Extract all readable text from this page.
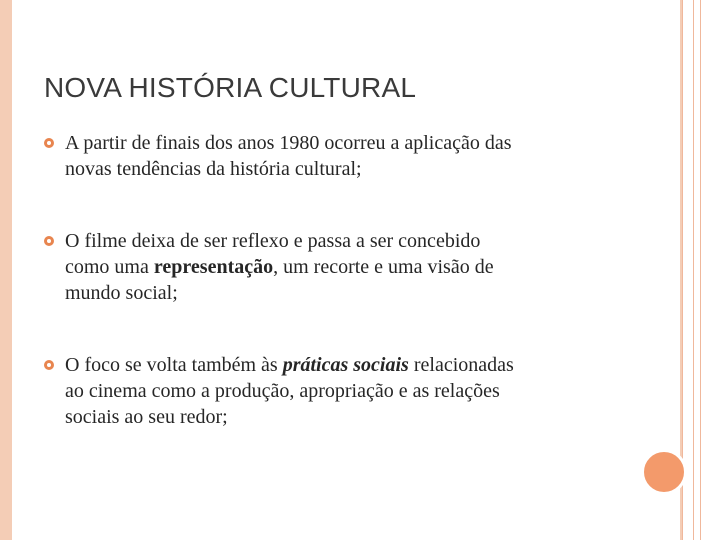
NOVA HISTÓRIA CULTURAL
A partir de finais dos anos 1980 ocorreu a aplicação das
novas tendências da história cultural;
O filme deixa de ser reflexo e passa a ser concebido
como uma representação, um recorte e uma visão de
mundo social;
O foco se volta também às práticas sociais relacionadas
ao cinema como a produção, apropriação e as relações
sociais ao seu redor;
